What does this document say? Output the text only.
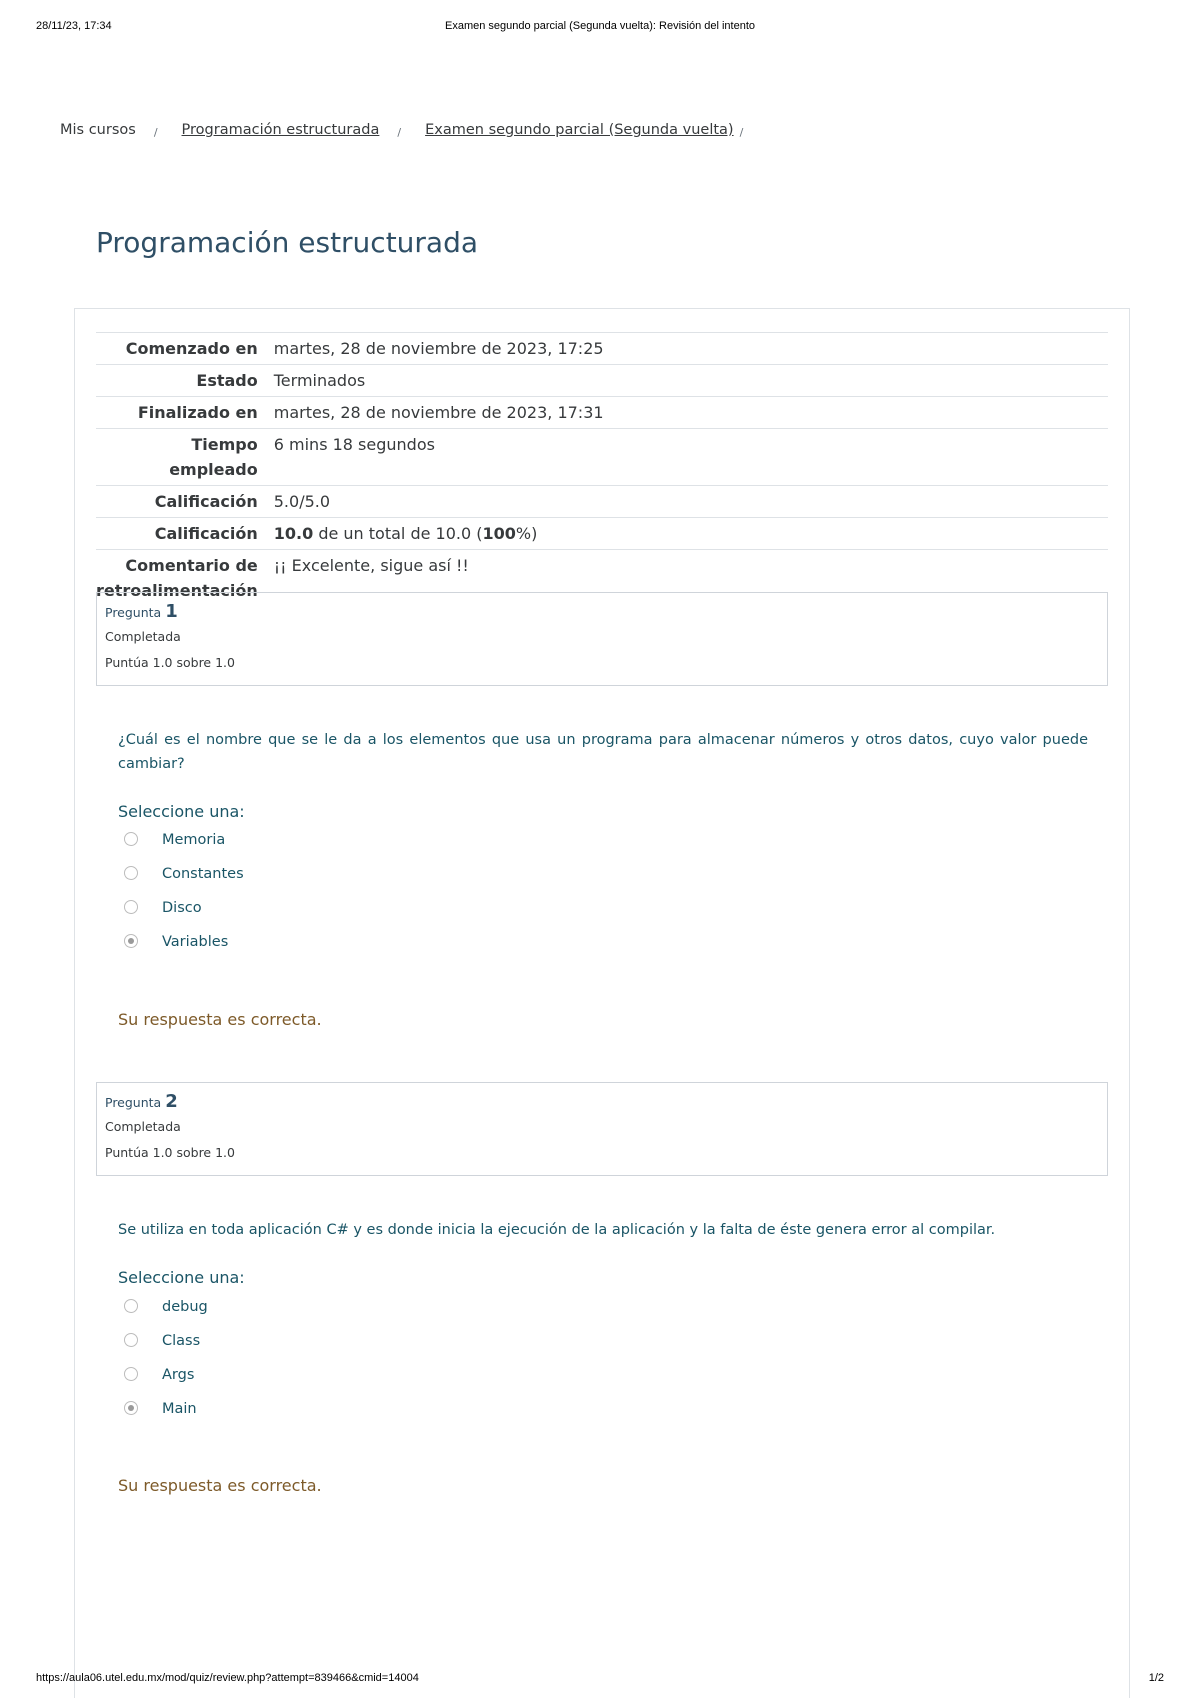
28/11/23, 17:34	Examen segundo parcial (Segunda vuelta): Revisión del intento
Mis cursos / Programación estructurada / Examen segundo parcial (Segunda vuelta) /
Programación estructurada
Comenzado en	martes, 28 de noviembre de 2023, 17:25
Estado	Terminados
Finalizado en	martes, 28 de noviembre de 2023, 17:31
Tiempo
empleado	6 mins 18 segundos
Calificación	5.0/5.0
Calificación	10.0 de un total de 10.0 (100%)
Comentario de
retroalimentación	¡¡ Excelente, sigue así !!
Pregunta 1
Completada
Puntúa 1.0 sobre 1.0
¿Cuál es el nombre que se le da a los elementos que usa un programa para almacenar números y otros datos, cuyo valor puede cambiar?
Seleccione una:
Memoria
Constantes
Disco
Variables
Su respuesta es correcta.
Pregunta 2
Completada
Puntúa 1.0 sobre 1.0
Se utiliza en toda aplicación C# y es donde inicia la ejecución de la aplicación y la falta de éste genera error al compilar.
Seleccione una:
debug
Class
Args
Main
Su respuesta es correcta.
https://aula06.utel.edu.mx/mod/quiz/review.php?attempt=839466&cmid=14004	1/2
